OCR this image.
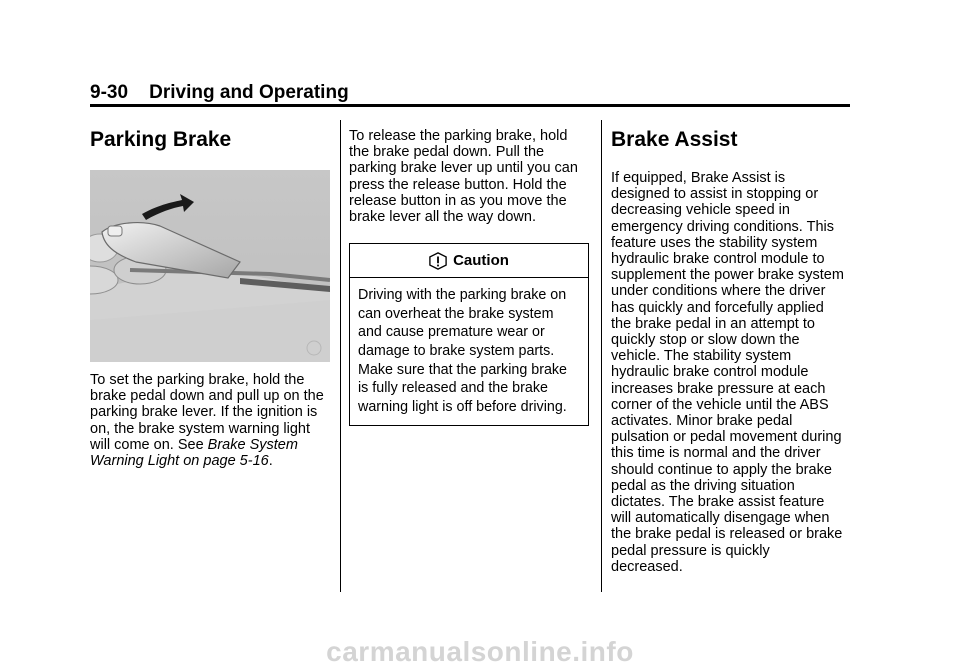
9-30 Driving and Operating
Parking Brake
To set the parking brake, hold the
brake pedal down and pull up on the
parking brake lever. If the ignition is
on, the brake system warning light
will come on. See Brake System
Warning Light on page 5-16.
To release the parking brake, hold
the brake pedal down. Pull the
parking brake lever up until you can
press the release button. Hold the
release button in as you move the
brake lever all the way down.
Caution
Driving with the parking brake on
can overheat the brake system
and cause premature wear or
damage to brake system parts.
Make sure that the parking brake
is fully released and the brake
warning light is off before driving.
Brake Assist
If equipped, Brake Assist is
designed to assist in stopping or
decreasing vehicle speed in
emergency driving conditions. This
feature uses the stability system
hydraulic brake control module to
supplement the power brake system
under conditions where the driver
has quickly and forcefully applied
the brake pedal in an attempt to
quickly stop or slow down the
vehicle. The stability system
hydraulic brake control module
increases brake pressure at each
corner of the vehicle until the ABS
activates. Minor brake pedal
pulsation or pedal movement during
this time is normal and the driver
should continue to apply the brake
pedal as the driving situation
dictates. The brake assist feature
will automatically disengage when
the brake pedal is released or brake
pedal pressure is quickly
decreased.
carmanualsonline.info
